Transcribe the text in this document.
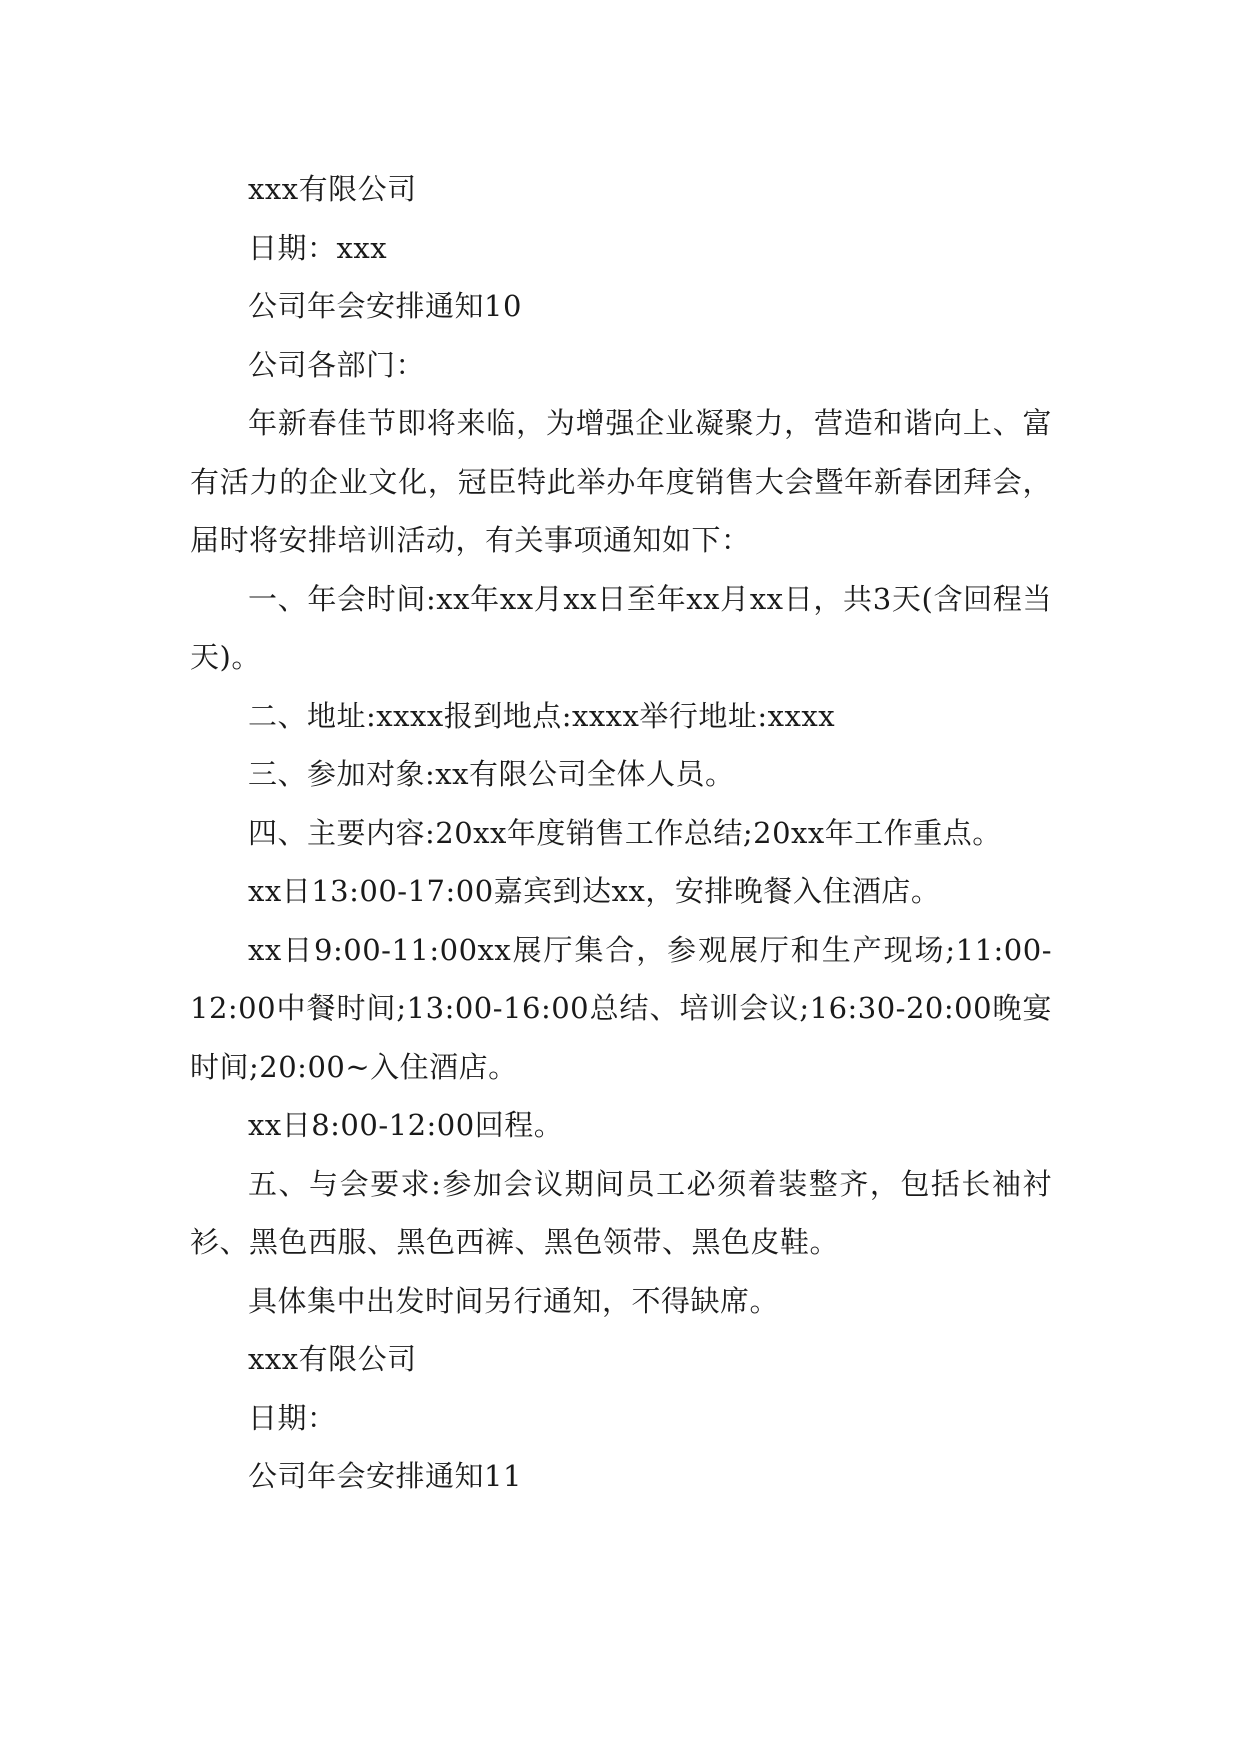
xxx有限公司

日期：xxx

公司年会安排通知10

公司各部门：

年新春佳节即将来临，为增强企业凝聚力，营造和谐向上、富有活力的企业文化，冠臣特此举办年度销售大会暨年新春团拜会，届时将安排培训活动，有关事项通知如下：

一、年会时间:xx年xx月xx日至年xx月xx日，共3天(含回程当天)。

二、地址:xxxx报到地点:xxxx举行地址:xxxx

三、参加对象:xx有限公司全体人员。

四、主要内容:20xx年度销售工作总结;20xx年工作重点。

xx日13:00-17:00嘉宾到达xx，安排晚餐入住酒店。

xx日9:00-11:00xx展厅集合，参观展厅和生产现场;11:00-12:00中餐时间;13:00-16:00总结、培训会议;16:30-20:00晚宴时间;20:00~入住酒店。

xx日8:00-12:00回程。

五、与会要求:参加会议期间员工必须着装整齐，包括长袖衬衫、黑色西服、黑色西裤、黑色领带、黑色皮鞋。

具体集中出发时间另行通知，不得缺席。

xxx有限公司

日期：

公司年会安排通知11
